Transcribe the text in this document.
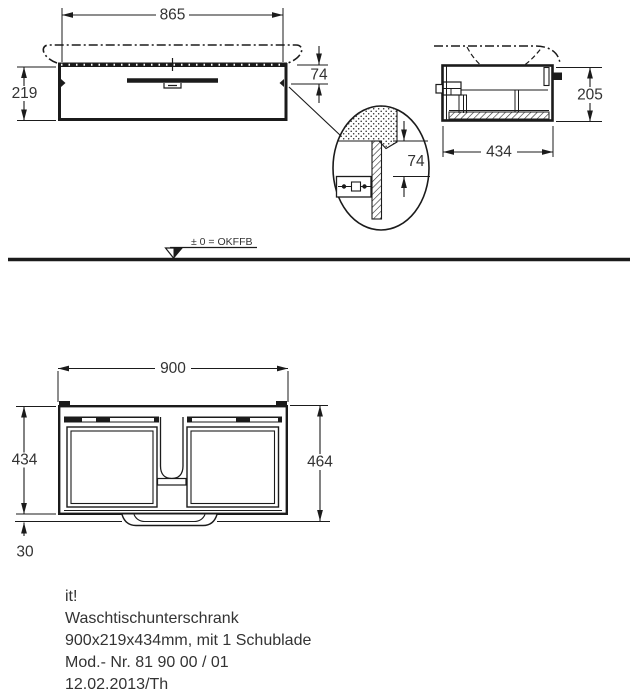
865
219
74
205
434
74
± 0 = OKFFB
900
434	464
30
it!
Waschtischunterschrank
900x219x434mm, mit 1 Schublade
Mod.- Nr. 81 90 00 / 01
12.02.2013/Th
